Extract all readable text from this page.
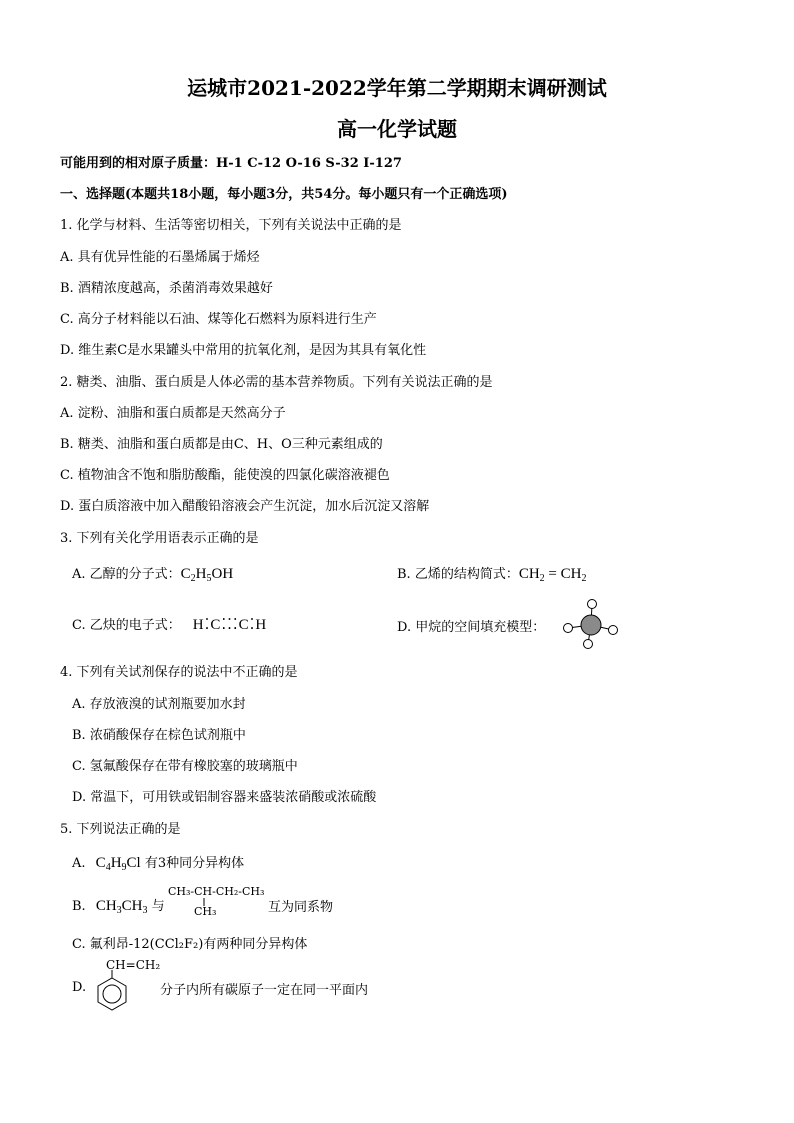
运城市2021-2022学年第二学期期末调研测试
高一化学试题
可能用到的相对原子质量：H-1 C-12 O-16 S-32 I-127
一、选择题(本题共18小题，每小题3分，共54分。每小题只有一个正确选项)
1. 化学与材料、生活等密切相关，下列有关说法中正确的是
A. 具有优异性能的石墨烯属于烯烃
B. 酒精浓度越高，杀菌消毒效果越好
C. 高分子材料能以石油、煤等化石燃料为原料进行生产
D. 维生素C是水果罐头中常用的抗氧化剂，是因为其具有氧化性
2. 糖类、油脂、蛋白质是人体必需的基本营养物质。下列有关说法正确的是
A. 淀粉、油脂和蛋白质都是天然高分子
B. 糖类、油脂和蛋白质都是由C、H、O三种元素组成的
C. 植物油含不饱和脂肪酸酯，能使溴的四氯化碳溶液褪色
D. 蛋白质溶液中加入醋酸铅溶液会产生沉淀，加水后沉淀又溶解
3. 下列有关化学用语表示正确的是
A. 乙醇的分子式：$C_2H_5OH$	B. 乙烯的结构简式：$CH_2 = CH_2$
C. 乙炔的电子式： H⁚C⁚⁚⁚C⁚H	D. 甲烷的空间填充模型：
4. 下列有关试剂保存的说法中不正确的是
A. 存放液溴的试剂瓶要加水封
B. 浓硝酸保存在棕色试剂瓶中
C. 氢氟酸保存在带有橡胶塞的玻璃瓶中
D. 常温下，可用铁或铝制容器来盛装浓硝酸或浓硫酸
5. 下列说法正确的是
A. $C_4H_9Cl$ 有3种同分异构体
B. $CH_3CH_3$ 与
CH₃-CH-CH₂-CH₃
CH₃	互为同系物
C. 氟利昂-12(CCl₂F₂)有两种同分异构体
D.
CH=CH₂
分子内所有碳原子一定在同一平面内
